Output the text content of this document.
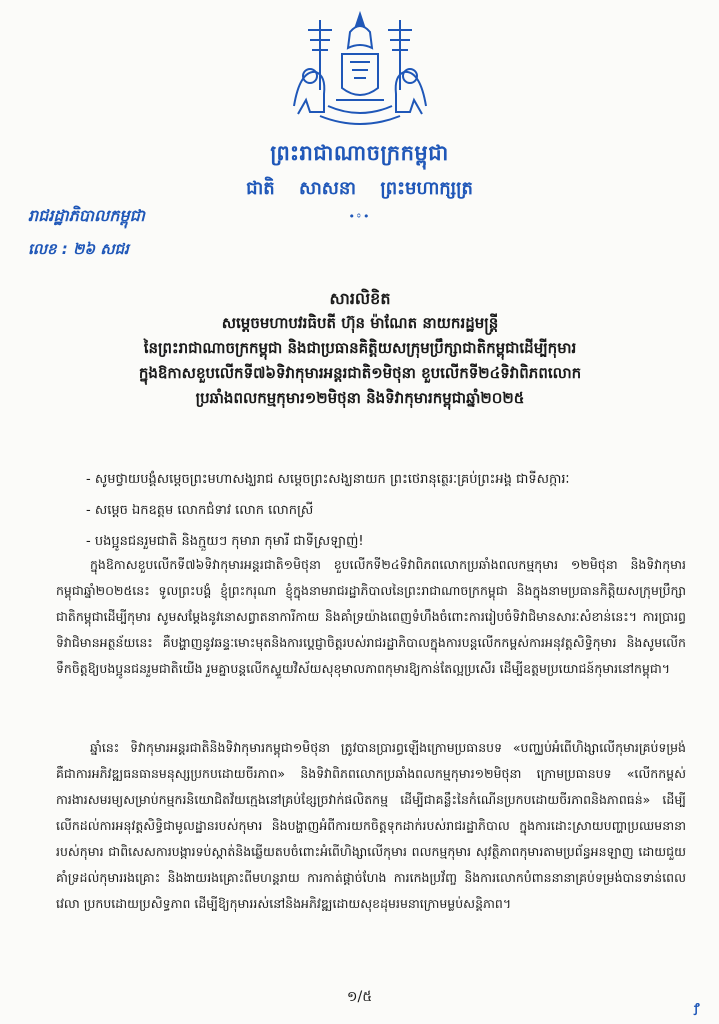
ព្រះរាជាណាចក្រកម្ពុជា
ជាតិ សាសនា ព្រះមហាក្សត្រ
•᭜•
រាជរដ្ឋាភិបាលកម្ពុជា
លេខ : ២៦ សជរ
សារលិខិត
សម្តេចមហាបវរធិបតី ហ៊ុន ម៉ាណែត នាយករដ្ឋមន្ត្រី
នៃព្រះរាជាណាចក្រកម្ពុជា និងជាប្រធានគិត្តិយសក្រុមប្រឹក្សាជាតិកម្ពុជាដើម្បីកុមារ
ក្នុងឱកាសខួបលើកទី៧៦ទិវាកុមារអន្តរជាតិ១មិថុនា ខួបលើកទី២៤ទិវាពិភពលោក
ប្រឆាំងពលកម្មកុមារ១២មិថុនា និងទិវាកុមារកម្ពុជាឆ្នាំ២០២៥
- សូមថ្វាយបង្គំសម្តេចព្រះមហាសង្ឃរាជ សម្តេចព្រះសង្ឃនាយក ព្រះថេរានុត្ថេរៈគ្រប់ព្រះអង្គ ជាទីសក្ការៈ
- សម្តេច ឯកឧត្តម លោកជំទាវ លោក លោកស្រី
- បងប្អូនជនរួមជាតិ និងក្មួយៗ កុមារា កុមារី ជាទីស្រឡាញ់!
ក្នុងឱកាសខួបលើកទី៧៦ទិវាកុមារអន្តរជាតិ១មិថុនា ខួបលើកទី២៤ទិវាពិភពលោកប្រឆាំងពលកម្មកុមារ ១២មិថុនា និងទិវាកុមារកម្ពុជាឆ្នាំ២០២៥នេះ ទូលព្រះបង្គំ ខ្ញុំព្រះករុណា ខ្ញុំក្នុងនាមរាជរដ្ឋាភិបាលនៃព្រះរាជាណាចក្រកម្ពុជា និងក្នុងនាមប្រធានកិត្តិយសក្រុមប្រឹក្សាជាតិកម្ពុជាដើម្បីកុមារ សូមសម្តែងនូវនោសព្វាតនាការីកាយ និងគាំទ្រយ៉ាងពេញទំហឹងចំពោះការរៀបចំទិវាជិមានសារៈសំខាន់នេះ។ ការប្រារព្ធទិវាជិមានអត្ថន័យនេះ គឺបង្ហាញនូវឆន្ទៈមោះមុតនិងការប្តេជ្ញាចិត្តរបស់រាជរដ្ឋាភិបាលក្នុងការបន្តលើកកម្ពស់ការអនុវត្តសិទ្ធិកុមារ និងសូមលើកទឹកចិត្តឱ្យបងប្អូនជនរួមជាតិយើង រួមគ្នាបន្តលើកស្ទួយវិស័យសុខុមាលភាពកុមារឱ្យកាន់តែល្អប្រសើរ ដើម្បីឧត្តមប្រយោជន៍កុមារនៅកម្ពុជា។
ឆ្នាំនេះ ទិវាកុមារអន្តរជាតិនិងទិវាកុមារកម្ពុជា១មិថុនា ត្រូវបានប្រារព្ធឡើងក្រោមប្រធានបទ «បញ្ឈប់អំពើហិង្សាលើកុមារគ្រប់ទម្រង់ គឺជាការអភិវឌ្ឍធនធានមនុស្សប្រកបដោយចីរភាព» និងទិវាពិភពលោកប្រឆាំងពលកម្មកុមារ១២មិថុនា ក្រោមប្រធានបទ «លើកកម្ពស់ការងារសមរម្យសម្រាប់កម្មករនិយោជិតវ័យក្មេងនៅគ្រប់ខ្សែច្រវាក់ផលិតកម្ម ដើម្បីជាគន្លឹះនៃកំណើនប្រកបដោយចីរភាពនិងភាពធន់» ដើម្បីលើកដល់ការអនុវត្តសិទ្ធិជាមូលដ្ឋានរបស់កុមារ និងបង្ហាញអំពីការយកចិត្តទុកដាក់របស់រាជរដ្ឋាភិបាល ក្នុងការដោះស្រាយបញ្ហាប្រឈមនានារបស់កុមារ ជាពិសេសការបង្ការទប់ស្កាត់និងឆ្លើយតបចំពោះអំពើហិង្សាលើកុមារ ពលកម្មកុមារ សុវត្ថិភាពកុមារតាមប្រព័ន្ធអនឡាញ ដោយជួយគាំទ្រដល់កុមាររងគ្រោះ និងងាយរងគ្រោះពីមហន្តរាយ ការកាត់ផ្តាច់ហែង ការកេងប្រវ័ញ្ច និងការលោកបំពាននានាគ្រប់ទម្រង់បានទាន់ពេលវេលា ប្រកបដោយប្រសិទ្ធភាព ដើម្បីឱ្យកុមាររស់នៅនិងអភិវឌ្ឍដោយសុខដុមរមនាក្រោមម្លប់សន្តិភាព។
១/៥
ꝭ
